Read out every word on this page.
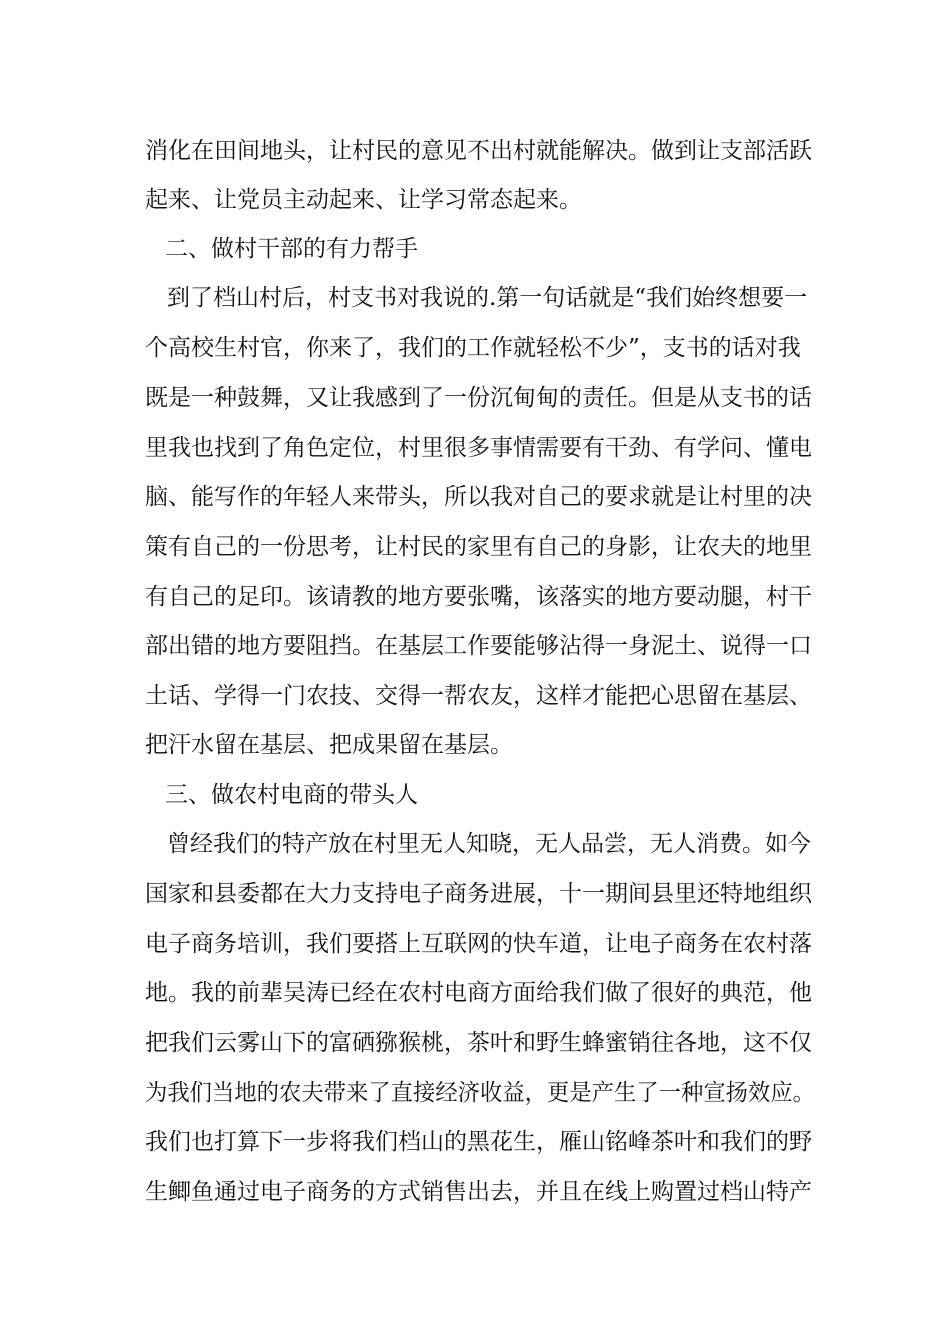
消化在田间地头，让村民的意见不出村就能解决。做到让支部活跃
起来、让党员主动起来、让学习常态起来。
二、做村干部的有力帮手
到了档山村后，村支书对我说的.第一句话就是“我们始终想要一
个高校生村官，你来了，我们的工作就轻松不少”，支书的话对我
既是一种鼓舞，又让我感到了一份沉甸甸的责任。但是从支书的话
里我也找到了角色定位，村里很多事情需要有干劲、有学问、懂电
脑、能写作的年轻人来带头，所以我对自己的要求就是让村里的决
策有自己的一份思考，让村民的家里有自己的身影，让农夫的地里
有自己的足印。该请教的地方要张嘴，该落实的地方要动腿，村干
部出错的地方要阻挡。在基层工作要能够沾得一身泥土、说得一口
土话、学得一门农技、交得一帮农友，这样才能把心思留在基层、
把汗水留在基层、把成果留在基层。
三、做农村电商的带头人
曾经我们的特产放在村里无人知晓，无人品尝，无人消费。如今
国家和县委都在大力支持电子商务进展，十一期间县里还特地组织
电子商务培训，我们要搭上互联网的快车道，让电子商务在农村落
地。我的前辈吴涛已经在农村电商方面给我们做了很好的典范，他
把我们云雾山下的富硒猕猴桃，茶叶和野生蜂蜜销往各地，这不仅
为我们当地的农夫带来了直接经济收益，更是产生了一种宣扬效应。
我们也打算下一步将我们档山的黑花生，雁山铭峰茶叶和我们的野
生鲫鱼通过电子商务的方式销售出去，并且在线上购置过档山特产
